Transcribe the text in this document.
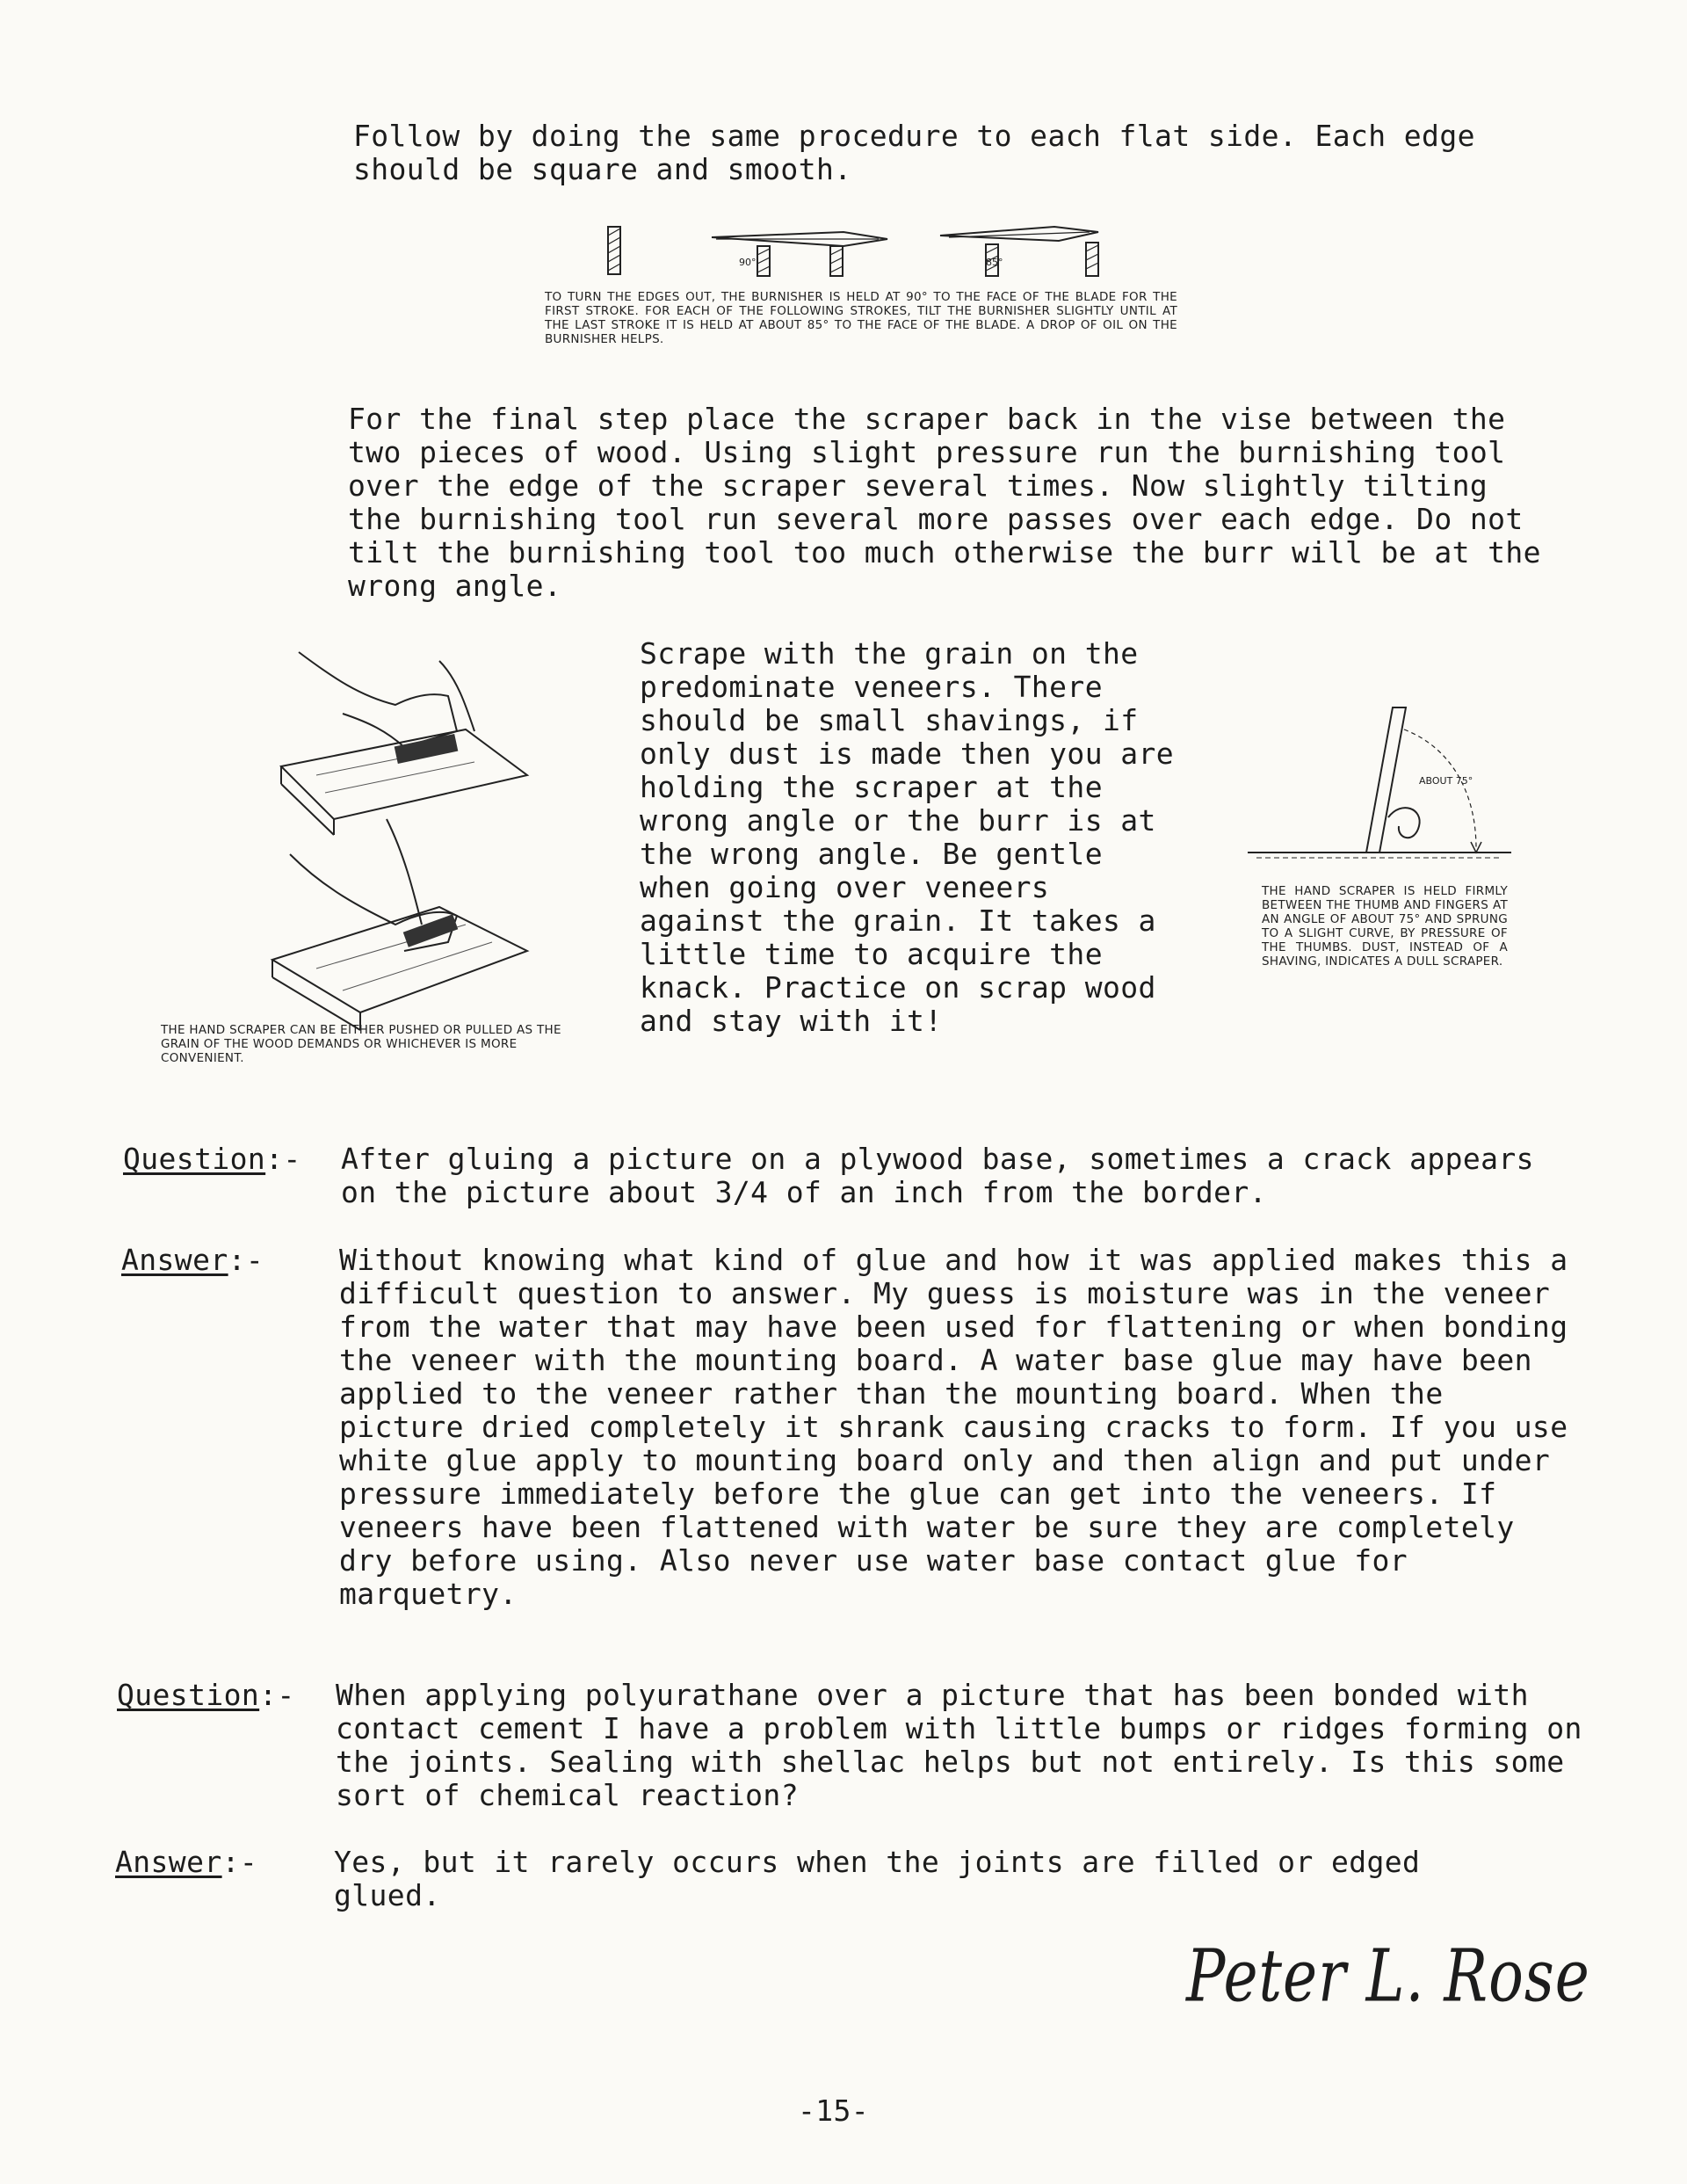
Follow by doing the same procedure to each flat side. Each edge should be square and smooth.
90°	85°
TO TURN THE EDGES OUT, THE BURNISHER IS HELD AT 90° TO THE FACE OF THE BLADE FOR THE FIRST STROKE. FOR EACH OF THE FOLLOWING STROKES, TILT THE BURNISHER SLIGHTLY UNTIL AT THE LAST STROKE IT IS HELD AT ABOUT 85° TO THE FACE OF THE BLADE. A DROP OF OIL ON THE BURNISHER HELPS.
For the final step place the scraper back in the vise between the two pieces of wood. Using slight pressure run the burnishing tool over the edge of the scraper several times. Now slightly tilting the burnishing tool run several more passes over each edge. Do not tilt the burnishing tool too much otherwise the burr will be at the wrong angle.
THE HAND SCRAPER CAN BE EITHER PUSHED OR PULLED AS THE GRAIN OF THE WOOD DEMANDS OR WHICHEVER IS MORE CONVENIENT.
Scrape with the grain on the predominate veneers. There should be small shavings, if only dust is made then you are holding the scraper at the wrong angle or the burr is at the wrong angle. Be gentle when going over veneers against the grain. It takes a little time to acquire the knack. Practice on scrap wood and stay with it!
ABOUT 75°
THE HAND SCRAPER IS HELD FIRMLY BETWEEN THE THUMB AND FINGERS AT AN ANGLE OF ABOUT 75° AND SPRUNG TO A SLIGHT CURVE, BY PRESSURE OF THE THUMBS. DUST, INSTEAD OF A SHAVING, INDICATES A DULL SCRAPER.
Question:-	After gluing a picture on a plywood base, sometimes a crack appears on the picture about 3/4 of an inch from the border.
Answer:-	Without knowing what kind of glue and how it was applied makes this a difficult question to answer. My guess is moisture was in the veneer from the water that may have been used for flattening or when bonding the veneer with the mounting board. A water base glue may have been applied to the veneer rather than the mounting board. When the picture dried completely it shrank causing cracks to form. If you use white glue apply to mounting board only and then align and put under pressure immediately before the glue can get into the veneers. If veneers have been flattened with water be sure they are completely dry before using. Also never use water base contact glue for marquetry.
Question:-	When applying polyurathane over a picture that has been bonded with contact cement I have a problem with little bumps or ridges forming on the joints. Sealing with shellac helps but not entirely. Is this some sort of chemical reaction?
Answer:-	Yes, but it rarely occurs when the joints are filled or edged glued.
Peter L. Rose
-15-
